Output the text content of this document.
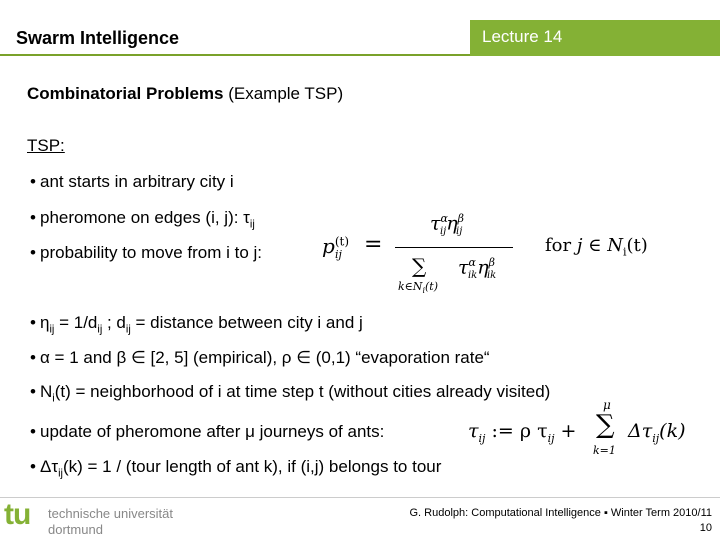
Swarm Intelligence	Lecture 14
Combinatorial Problems (Example TSP)
TSP:
• ant starts in arbitrary city i
• pheromone on edges (i, j): $\tau_{ij}$
• probability to move from i to j:	$p^{(t)}_{ij}$ =
$\tau^\alpha_{ij}\eta^\beta_{ij}$
∑
$k\in N_i(t)$
$\tau^\alpha_{ik}\eta^\beta_{ik}$
for j ∈ $N_i(t)$
• $\eta_{ij} = 1/d_{ij}$ ; $d_{ij}$ = distance between city i and j
• α = 1 and β ∈ [2, 5] (empirical), ρ ∈ (0,1) “evaporation rate“
• $N_i(t)$ = neighborhood of i at time step t (without cities already visited)
• update of pheromone after μ journeys of ants:	$\tau_{ij}$ := ρ $\tau_{ij}$ +
μ
∑
k=1
$\Delta\tau_{ij}(k)$
• $\Delta\tau_{ij}(k) = 1$ / (tour length of ant k), if (i,j) belongs to tour
tu technische universität
dortmund
G. Rudolph: Computational Intelligence ▪ Winter Term 2010/11
10
